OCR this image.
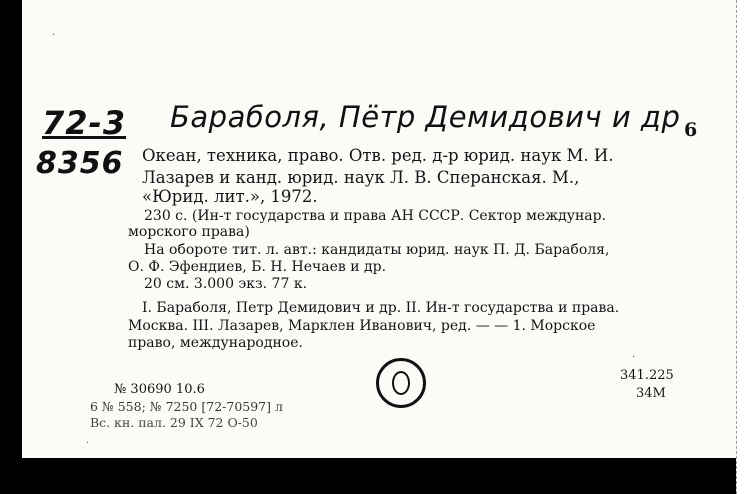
72-3
8356
Бараболя, Пётр Демидович и др 6
Океан, техника, право. Отв. ред. д-р юрид. наук М. И.
Лазарев и канд. юрид. наук Л. В. Сперанская. М.,
«Юрид. лит.», 1972.
230 с. (Ин-т государства и права АН СССР. Сектор междунар.
морского права)
На обороте тит. л. авт.: кандидаты юрид. наук П. Д. Бараболя,
О. Ф. Эфендиев, Б. Н. Нечаев и др.
20 см. 3.000 экз. 77 к.
I. Бараболя, Петр Демидович и др. II. Ин-т государства и права.
Москва. III. Лазарев, Маркл​ен Иванович, ред. — — 1. Морское
право, международное.
341.225
34М
№ 30690 10.6
6 № 558; № 7250 [72-70597] л
Вс. кн. пал. 29 IX 72 О-50
·
·
·
